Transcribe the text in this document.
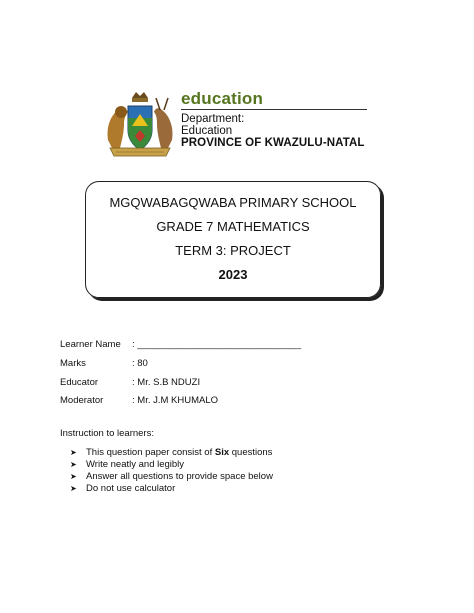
education
Department:
Education
PROVINCE OF KWAZULU-NATAL
MGQWABAGQWABA PRIMARY SCHOOL
GRADE 7 MATHEMATICS
TERM 3: PROJECT
2023
Learner Name : _______________________________
Marks	: 80
Educator	: Mr. S.B NDUZI
Moderator	: Mr. J.M KHUMALO
Instruction to learners:
➤ This question paper consist of Six questions
➤ Write neatly and legibly
➤ Answer all questions to provide space below
➤ Do not use calculator
